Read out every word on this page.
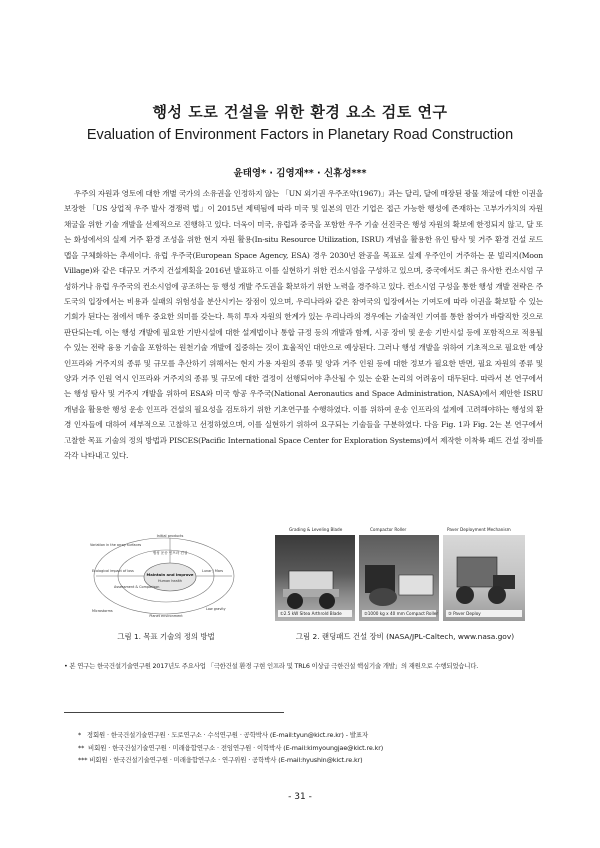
행성 도로 건설을 위한 환경 요소 검토 연구
Evaluation of Environment Factors in Planetary Road Construction
윤태영* · 김영재** · 신휴성***
우주의 자원과 영토에 대한 개별 국가의 소유권을 인정하지 않는 「UN 외기권 우주조약(1967)」과는 달리, 달에 매장된 광물 채굴에 대한 이권을 보장한 「US 상업적 우주 발사 경쟁력 법」이 2015년 제텍됨에 따라 미국 및 일본의 민간 기업은 접근 가능한 행성에 존재하는 고부가가치의 자원 채굴을 위한 기술 개발을 선제적으로 진행하고 있다. 더욱이 미국, 유럽과 중국을 포함한 우주 기술 선진국은 행성 자원의 확보에 한정되지 않고, 달 또는 화성에서의 실제 거주 환경 조성을 위한 현지 자원 활용(In-situ Resource Utilization, ISRU) 개념을 활용한 유인 탐사 및 거주 환경 건설 로드맵을 구체화하는 추세이다. 유럽 우주국(European Space Agency, ESA) 경우 2030년 완공을 목표로 실제 우주인이 거주하는 문 빌리지(Moon Village)와 같은 대규모 거주지 건설계획을 2016년 발표하고 이를 실현하기 위한 컨소시엄을 구성하고 있으며, 중국에서도 최근 유사한 컨소시엄 구성하거나 유럽 우주국의 컨소시엄에 공조하는 등 행성 개발 주도권을 확보하기 위한 노력을 경주하고 있다. 컨소시엄 구성을 통한 행성 개발 전략은 주도국의 입장에서는 비용과 실패의 위험성을 분산시키는 장점이 있으며, 우리나라와 같은 참여국의 입장에서는 기여도에 따라 이권을 확보할 수 있는 기회가 된다는 점에서 매우 중요한 의미를 갖는다. 특히 투자 자원의 한계가 있는 우리나라의 경우에는 기술적인 기여를 통한 참여가 바람직한 것으로 판단되는데, 이는 행성 개발에 필요한 기반시설에 대한 설계법이나 통합 규정 등의 개발과 함께, 시공 장비 및 운송 기반시설 등에 포함적으로 적용될 수 있는 전략 융용 기술을 포함하는 원천기술 개발에 집중하는 것이 효율적인 대안으로 예상된다. 그러나 행성 개발을 위하여 기초적으로 필요한 예상 인프라와 거주지의 종류 및 규모를 추산하기 위해서는 현지 가용 자원의 종류 및 양과 거주 인원 등에 대한 정보가 필요한 반면, 필요 자원의 종류 및 양과 거주 인원 역시 인프라와 거주지의 종류 및 규모에 대한 결정이 선행되어야 추산될 수 있는 순환 논리의 어려움이 대두된다. 따라서 본 연구에서는 행성 탐사 및 거주지 개발을 위하여 ESA와 미국 항공 우주국(National Aeronautics and Space Administration, NASA)에서 제안한 ISRU 개념을 활용한 행성 운송 인프라 건설의 필요성을 검토하기 위한 기초연구를 수행하였다. 이를 위하여 운송 인프라의 설계에 고려해야하는 행성의 환경 인자들에 대하여 세부적으로 고찰하고 선정하였으며, 이를 실현하기 위하여 요구되는 기술들을 구분하였다. 다음 Fig. 1과 Fig. 2는 본 연구에서 고찰한 목표 기술의 정의 방법과 PISCES(Pacific International Space Center for Exploration Systems)에서 제작한 이착륙 패드 건설 장비를 각각 나타내고 있다.
Initial products
Variation in the array surfaces
Ecological impact of loss
Assessment & Comparison
행성 운송 인프라 건설
Maintain and Improve
Human health
Lunar / Mars
Microstorms
Planet environment
Low gravity
Grading & Leveling Blade	Compactor Roller	Paver Deployment Mechanism
①2.5 kW Sitea Arthrold Blade	②1000 kg x 40 mm Compact Roller ③ Paver Deploy
그림 1. 목표 기술의 정의 방법	그림 2. 랜딩패드 건설 장비 (NASA/JPL-Caltech, www.nasa.gov)
• 본 연구는 한국건설기술연구원 2017년도 주요사업 「극한건설 환경 구현 인프라 및 TRL6 이상급 극한건설 핵심기술 개발」의 재원으로 수행되었습니다.
*   정회원 · 한국건설기술연구원 · 도로연구소 · 수석연구원 · 공학박사 (E-mail:tyun@kict.re.kr) - 발표자
**  비회원 · 한국건설기술연구원 · 미래융합연구소 · 전임연구원 · 이학박사 (E-mail:kimyoungjae@kict.re.kr)
*** 비회원 · 한국건설기술연구원 · 미래융합연구소 · 연구위원 · 공학박사 (E-mail:hyushin@kict.re.kr)
- 31 -
